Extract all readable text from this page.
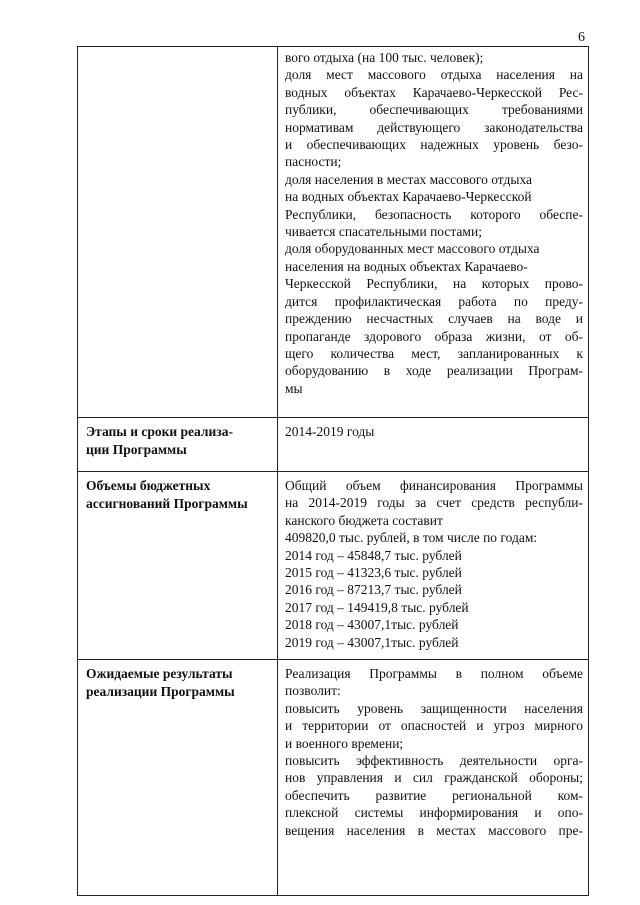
6
вого отдыха (на 100 тыс. человек);
доля мест массового отдыха населения на
водных объектах Карачаево-Черкесской Рес-
публики, обеспечивающих требованиями
нормативам действующего законодательства
и обеспечивающих надежных уровень безо-
пасности;
доля населения в местах массового отдыха
на водных объектах Карачаево-Черкесской
Республики, безопасность которого обеспе-
чивается спасательными постами;
доля оборудованных мест массового отдыха
населения на водных объектах Карачаево-
Черкесской Республики, на которых прово-
дится профилактическая работа по преду-
преждению несчастных случаев на воде и
пропаганде здорового образа жизни, от об-
щего количества мест, запланированных к
оборудованию в ходе реализации Програм-
мы
Этапы и сроки реализа-
ции Программы
2014-2019 годы
Объемы бюджетных
ассигнований Программы
Общий объем финансирования Программы
на 2014-2019 годы за счет средств республи-
канского бюджета составит
409820,0 тыс. рублей, в том числе по годам:
2014 год – 45848,7 тыс. рублей
2015 год – 41323,6 тыс. рублей
2016 год – 87213,7 тыс. рублей
2017 год – 149419,8 тыс. рублей
2018 год – 43007,1тыс. рублей
2019 год – 43007,1тыс. рублей
Ожидаемые результаты
реализации Программы
Реализация Программы в полном объеме
позволит:
повысить уровень защищенности населения
и территории от опасностей и угроз мирного
и военного времени;
повысить эффективность деятельности орга-
нов управления и сил гражданской обороны;
обеспечить развитие региональной ком-
плексной системы информирования и опо-
вещения населения в местах массового пре-
